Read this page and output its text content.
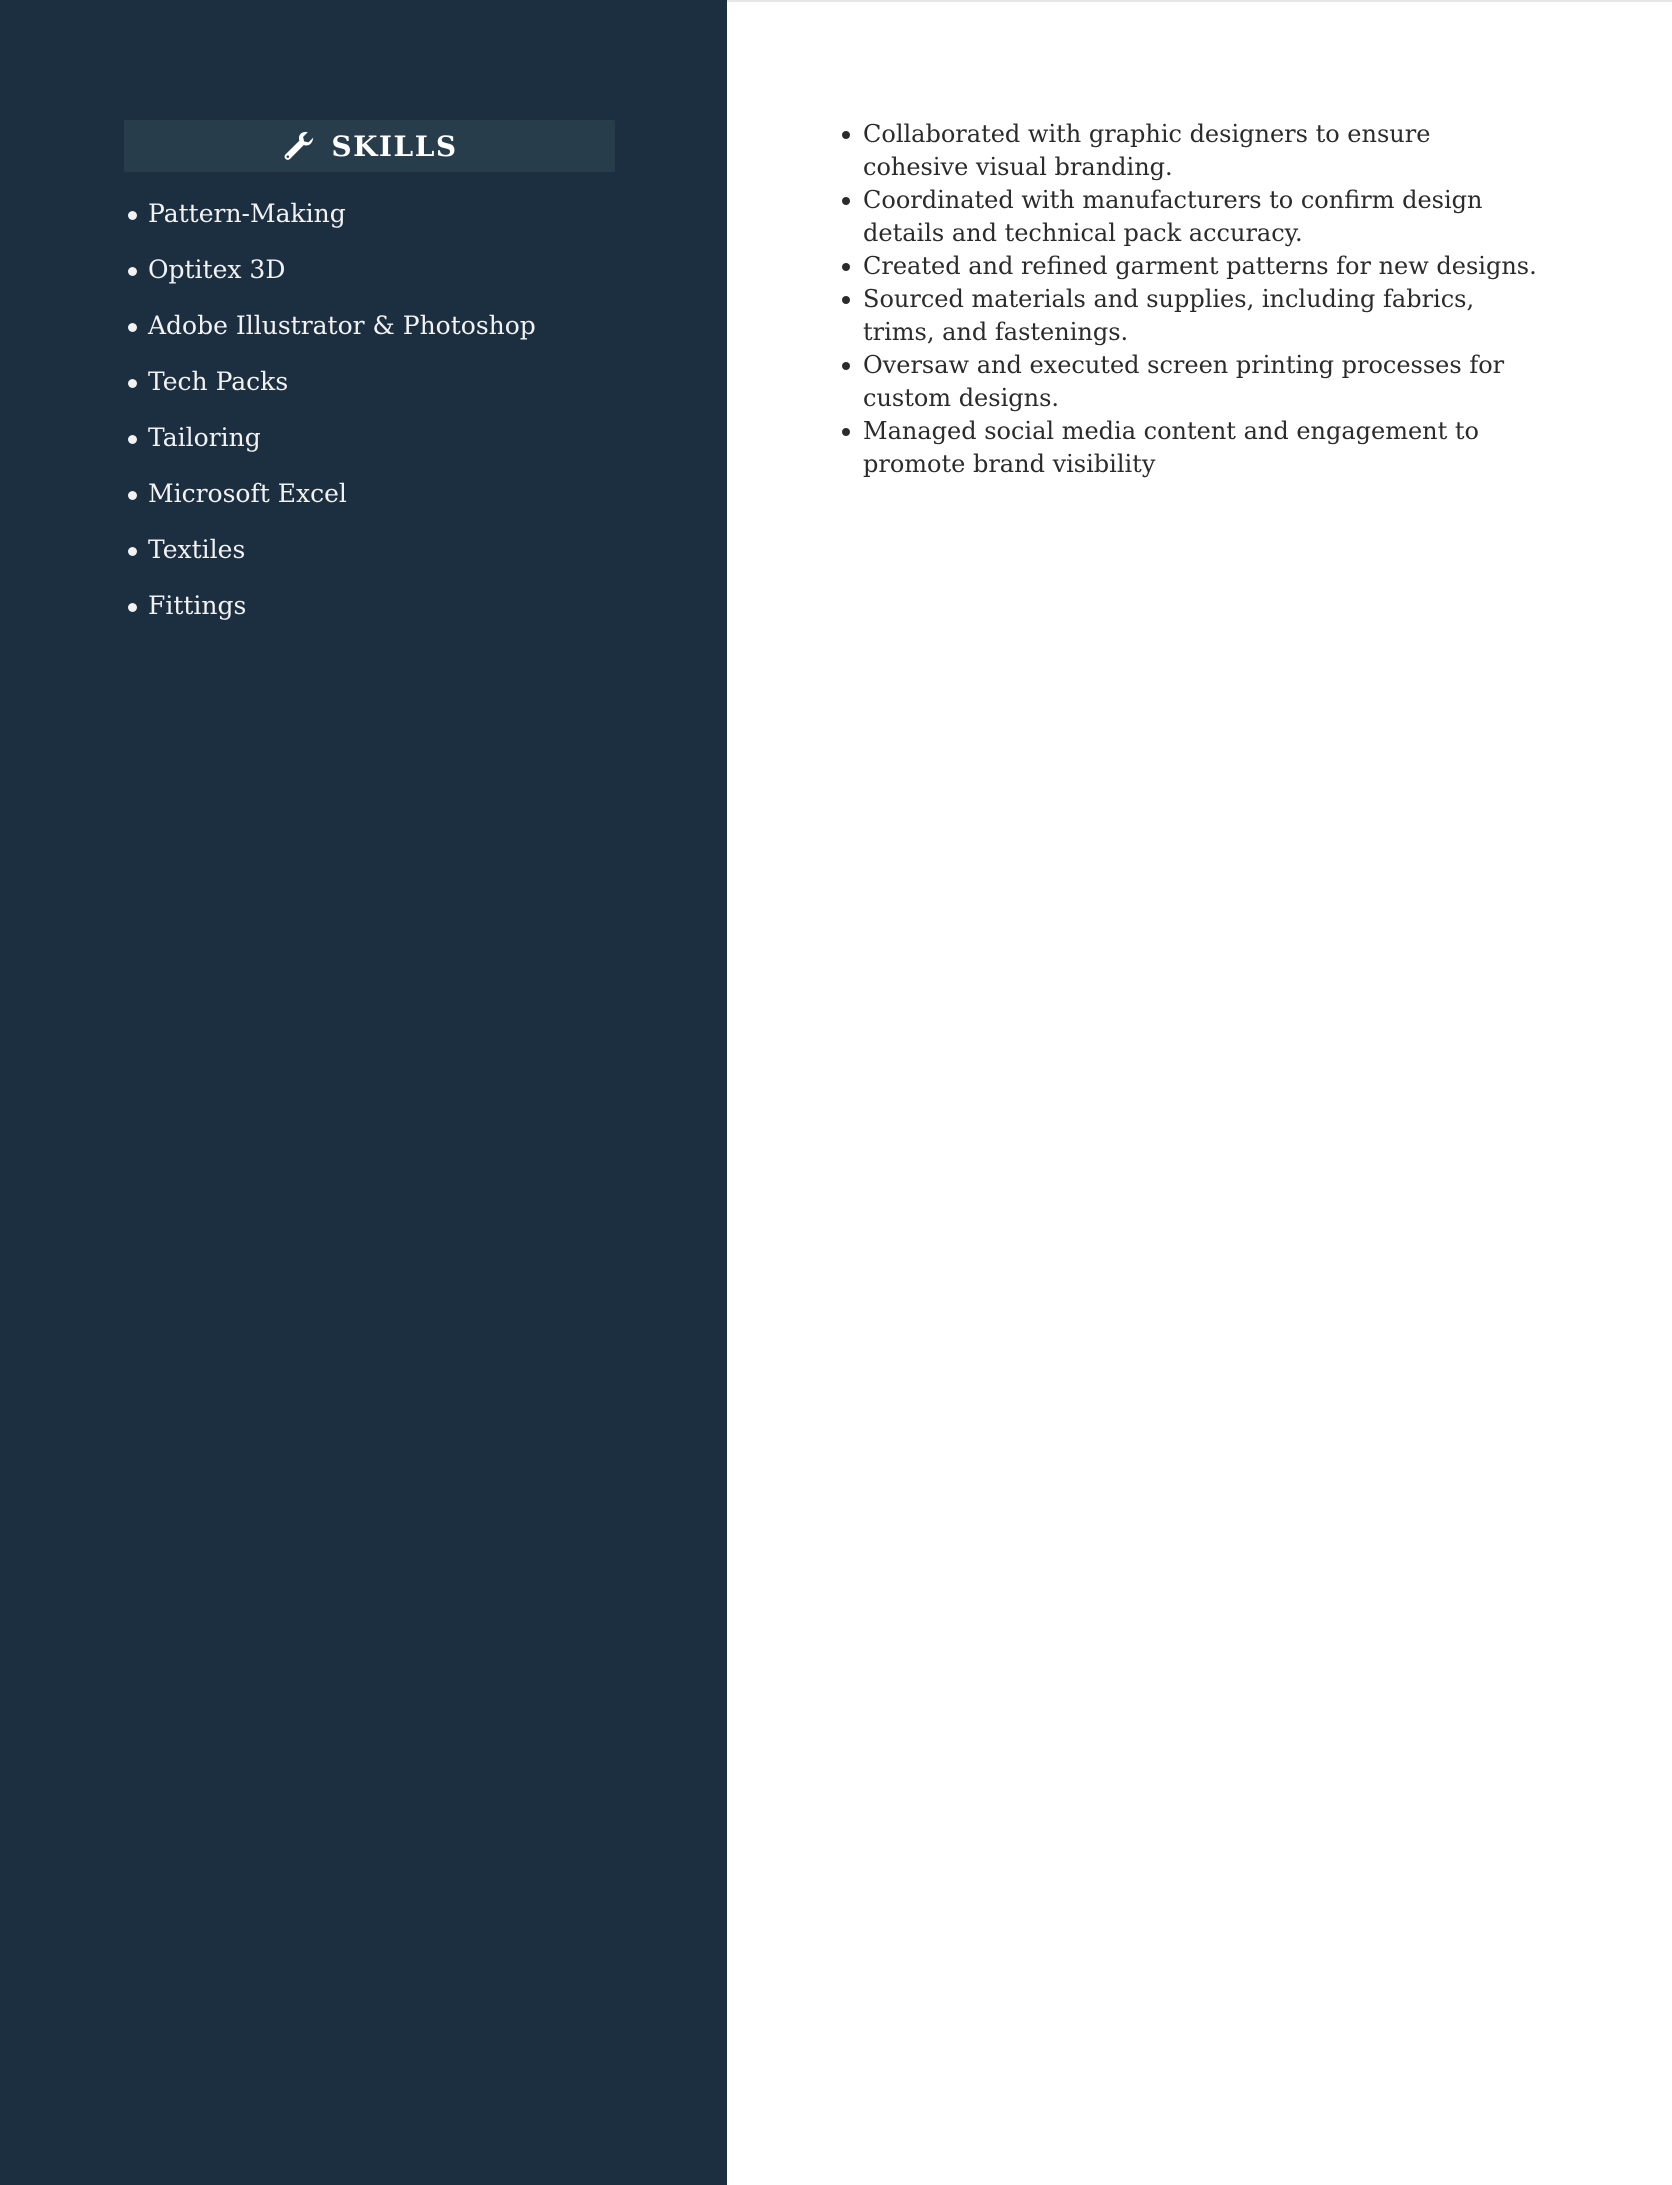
SKILLS
Pattern-Making
Optitex 3D
Adobe Illustrator & Photoshop
Tech Packs
Tailoring
Microsoft Excel
Textiles
Fittings
Collaborated with graphic designers to ensure cohesive visual branding.
Coordinated with manufacturers to confirm design details and technical pack accuracy.
Created and refined garment patterns for new designs.
Sourced materials and supplies, including fabrics, trims, and fastenings.
Oversaw and executed screen printing processes for custom designs.
Managed social media content and engagement to promote brand visibility
